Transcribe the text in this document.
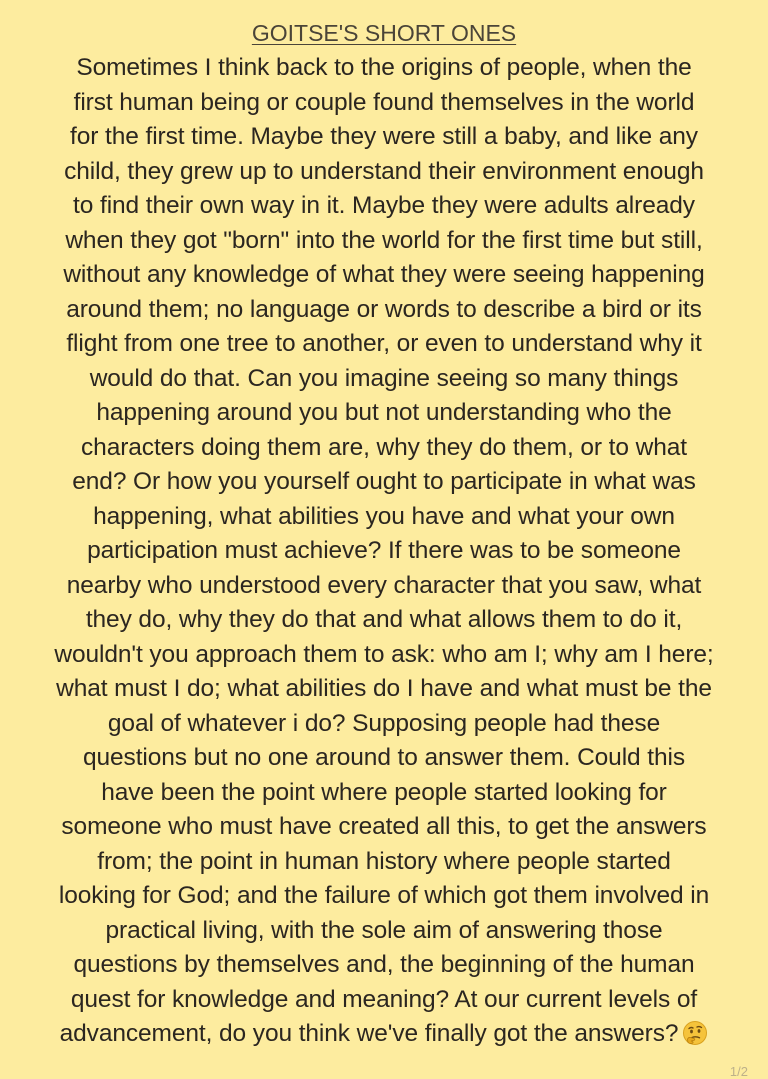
GOITSE'S SHORT ONES
Sometimes I think back to the origins of people, when the
first human being or couple found themselves in the world
for the first time. Maybe they were still a baby, and like any
child, they grew up to understand their environment enough
to find their own way in it. Maybe they were adults already
when they got "born" into the world for the first time but still,
without any knowledge of what they were seeing happening
around them; no language or words to describe a bird or its
flight from one tree to another, or even to understand why it
would do that. Can you imagine seeing so many things
happening around you but not understanding who the
characters doing them are, why they do them, or to what
end? Or how you yourself ought to participate in what was
happening, what abilities you have and what your own
participation must achieve? If there was to be someone
nearby who understood every character that you saw, what
they do, why they do that and what allows them to do it,
wouldn't you approach them to ask: who am I; why am I here;
what must I do; what abilities do I have and what must be the
goal of whatever i do? Supposing people had these
questions but no one around to answer them. Could this
have been the point where people started looking for
someone who must have created all this, to get the answers
from; the point in human history where people started
looking for God; and the failure of which got them involved in
practical living, with the sole aim of answering those
questions by themselves and, the beginning of the human
quest for knowledge and meaning? At our current levels of
advancement, do you think we've finally got the answers?
1/2
